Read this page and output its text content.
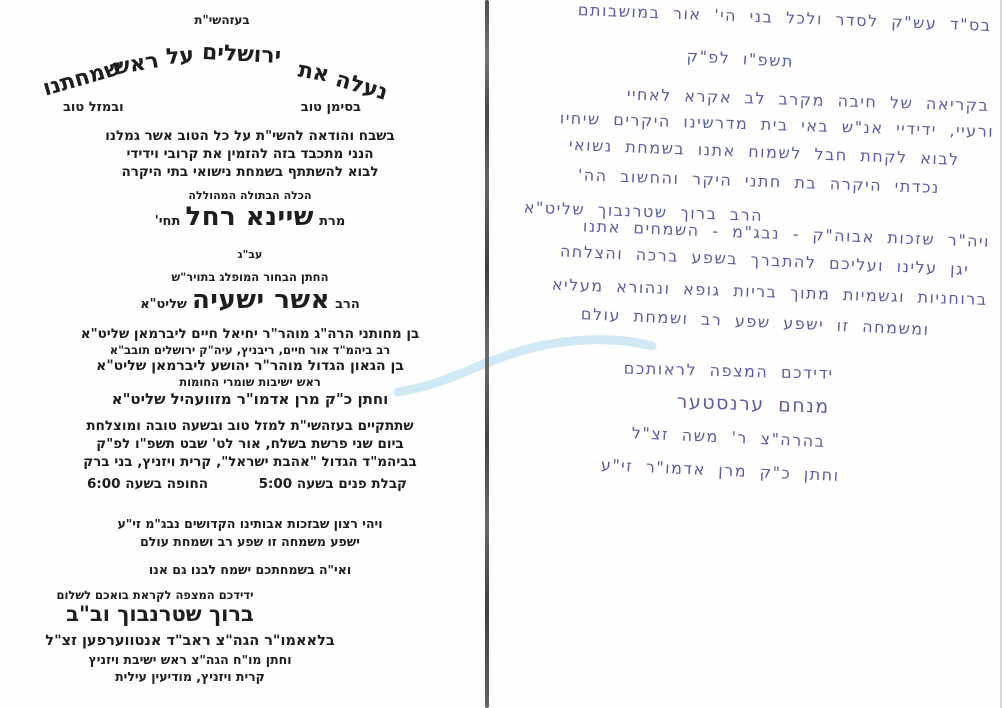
בעזהשי"ת
נעלה
את
ירושלים
על
ראש
שמחתנו
בסימן טוב
ובמזל טוב
בשבח והודאה להשי"ת על כל הטוב אשר גמלנו
הנני מתכבד בזה להזמין את קרובי וידידי
לבוא להשתתף בשמחת נישואי בתי היקרה
הכלה הבתולה המהוללה
מרת שיינא רחל תחי'
עב"ג
החתן הבחור המופלג בתויר"ש
הרב אשר ישעיה שליט"א
בן מחותני הרה"ג מוהר"ר יחיאל חיים ליברמאן שליט"א
רב ביהמ"ד אור חיים, ריבניץ, עיה"ק ירושלים תובב"א
בן הגאון הגדול מוהר"ר יהושע ליברמאן שליט"א
ראש ישיבות שומרי החומות
וחתן כ"ק מרן אדמו"ר מזוועהיל שליט"א
שתתקיים בעזהשי"ת למזל טוב ובשעה טובה ומוצלחת
ביום שני פרשת בשלח, אור לט' שבט תשפ"ו לפ"ק
בביהמ"ד הגדול "אהבת ישראל", קרית ויזניץ, בני ברק
קבלת פנים בשעה 5:00
החופה בשעה 6:00
ויהי רצון שבזכות אבותינו הקדושים נבג"מ זי"ע
ישפע משמחה זו שפע רב ושמחת עולם
ואי"ה בשמחתכם ישמח לבנו גם אנו
ידידכם המצפה לקראת בואכם לשלום
ברוך שטרנבוך וב"ב
בלאאמו"ר הגה"צ ראב"ד אנטווערפען זצ"ל
וחתן מו"ח הגה"צ ראש ישיבת ויזניץ
קרית ויזניץ, מודיעין עילית
בס"ד עש"ק לסדר ולכל בני הי' אור במושבותם
תשפ"ו לפ"ק
בקריאה של חיבה מקרב לב אקרא לאחיי
ורעיי, ידידיי אנ"ש באי בית מדרשינו היקרים שיחיו
לבוא לקחת חבל לשמוח אתנו בשמחת נשואי
נכדתי היקרה בת חתני היקר והחשוב הה'
הרב ברוך שטרנבוך שליט"א
ויה"ר שזכות אבוה"ק - נבג"מ - השמחים אתנו
יגן עלינו ועליכם להתברך בשפע ברכה והצלחה
ברוחניות וגשמיות מתוך בריות גופא ונהורא מעליא
ומשמחה זו ישפע שפע רב ושמחת עולם
ידידכם המצפה לראותכם
מנחם ערנסטער
בהרה"צ ר' משה זצ"ל
וחתן כ"ק מרן אדמו"ר זי"ע
